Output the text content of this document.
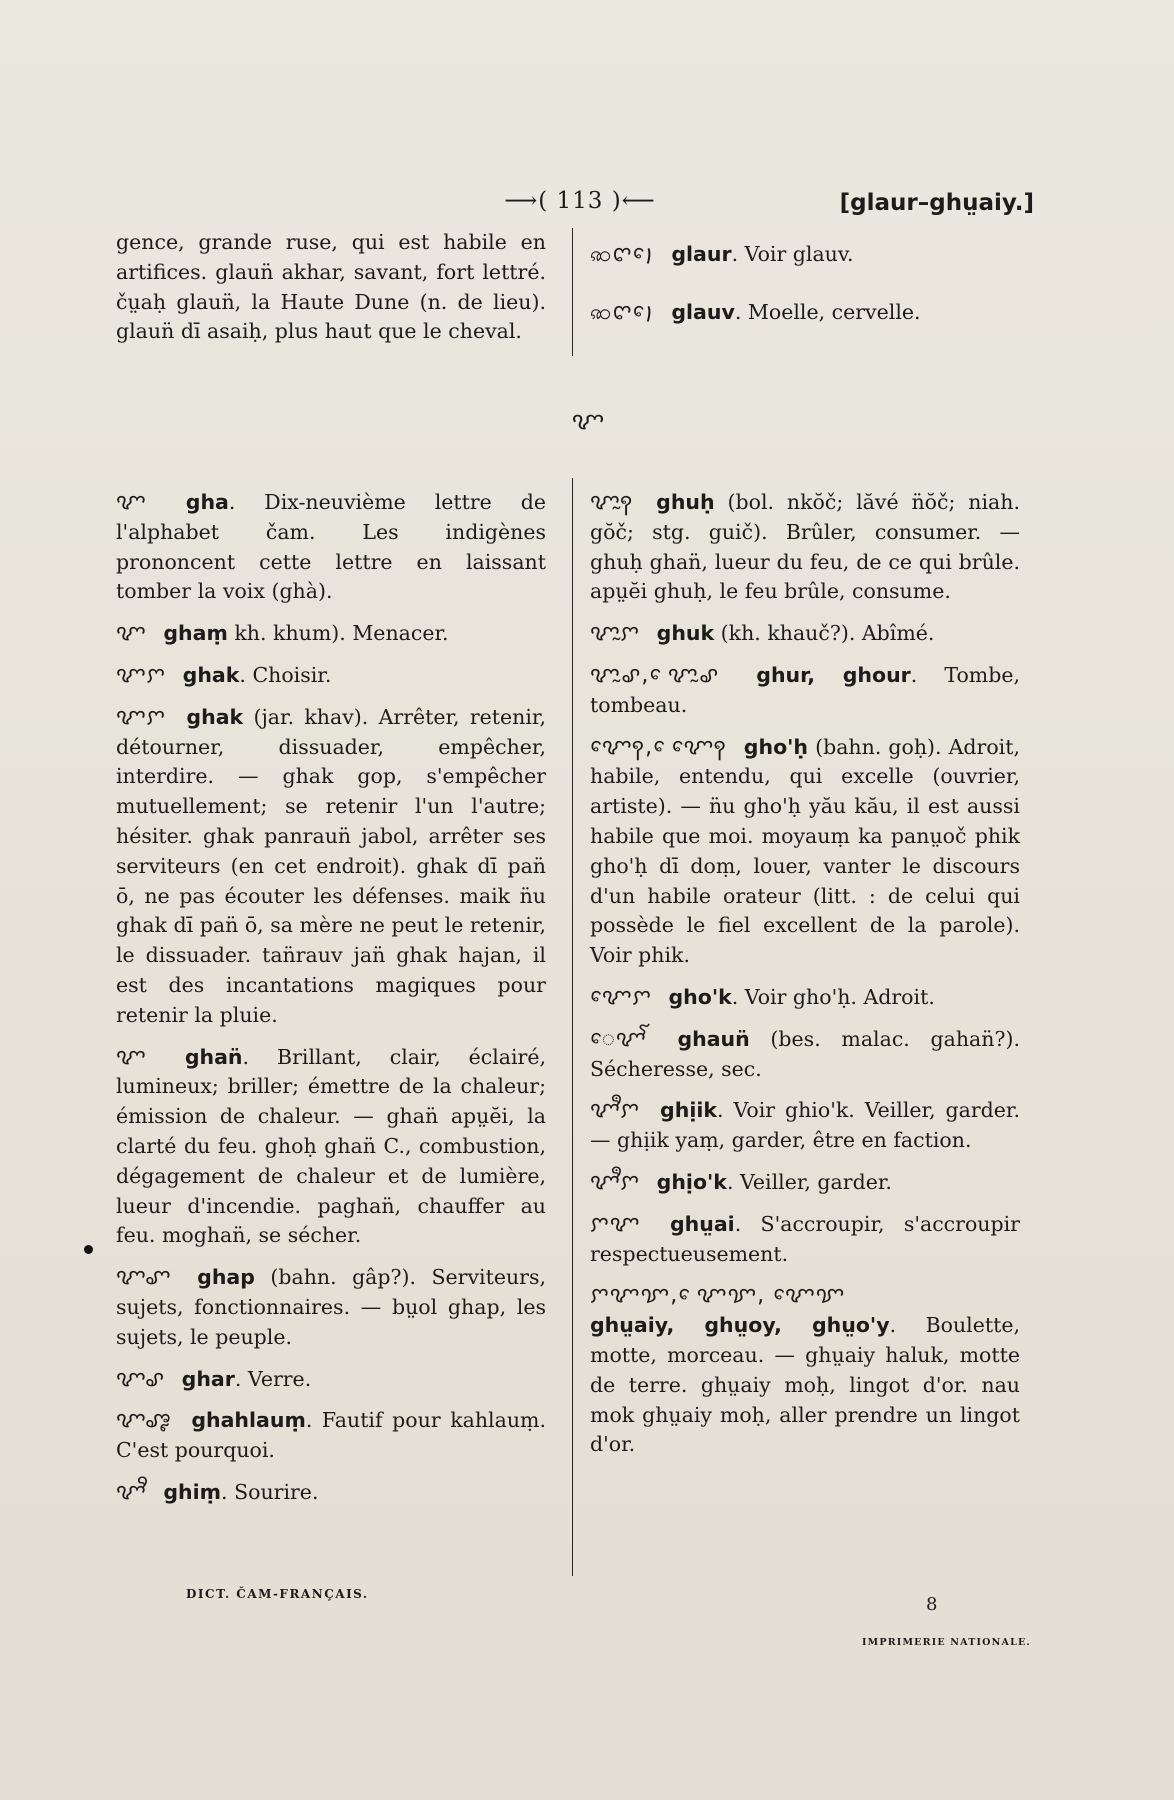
⟶( 113 )⟵	[glaur–ghṳaiy.]

gence, grande ruse, qui est habile en artifices. glaun̈ akhar, savant, fort lettré. čṳaḥ glaun̈, la Haute Dune (n. de lieu). glaun̈ dī asaiḥ, plus haut que le cheval.

ꩣꨈ꩝ꨯ glaur. Voir glauv.

ꩣꨈ꩝ꨯ glauv. Moelle, cervelle.

ꨉ

ꨉ gha. Dix-neuvième lettre de l'alphabet čam. Les indigènes prononcent cette lettre en laissant tomber la voix (ghà).

ꨉ ghaṃ kh. khum). Menacer.

ꨉꨆ ghak. Choisir.

ꨉꨆ ghak (jar. khav). Arrêter, retenir, détourner, dissuader, empêcher, interdire. — ghak gop, s'empêcher mutuellement; se retenir l'un l'autre; hésiter. ghak panraun̈ jabol, arrêter ses serviteurs (en cet endroit). ghak dī pan̈ ō, ne pas écouter les défenses. maik n̈u ghak dī pan̈ ō, sa mère ne peut le retenir, le dissuader. tan̈rauv jan̈ ghak hajan, il est des incantations magiques pour retenir la pluie.

ꨉ ghan̈. Brillant, clair, éclairé, lumineux; briller; émettre de la chaleur; émission de chaleur. — ghan̈ apṳĕi, la clarté du feu. ghoḥ ghan̈ C., combustion, dégagement de chaleur et de lumière, lueur d'incendie. paghan̈, chauffer au feu. moghan̈, se sécher.

ꨉꨚ ghap (bahn. gâp?). Serviteurs, sujets, fonctionnaires. — bṳol ghap, les sujets, le peuple.

ꨉꨣ ghar. Verre.

ꨉꨨꨵ ghahlauṃ. Fautif pour kahlauṃ. C'est pourquoi.

ꨉꨪ ghiṃ. Sourire.

ꨉꨭꩍ ghuḥ (bol. nkŏč; lăvé n̈ŏč; niah. gŏč; stg. guič). Brûler, consumer. — ghuḥ ghan̈, lueur du feu, de ce qui brûle. apṳĕi ghuḥ, le feu brûle, consume.

ꨉꨭꨆ ghuk (kh. khauč?). Abîmé.

ꨉꨭꨣ, ꨯꨉꨭꨣ ghur, ghour. Tombe, tombeau.

ꨉꨯꩍ, ꨯꨉꨯꩍ gho'ḥ (bahn. goḥ). Adroit, habile, entendu, qui excelle (ouvrier, artiste). — n̈u gho'ḥ yău kău, il est aussi habile que moi. moyauṃ ka panṳoč phik gho'ḥ dī doṃ, louer, vanter le discours d'un habile orateur (litt. : de celui qui possède le fiel excellent de la parole). Voir phik.

ꨉꨯꨆ gho'k. Voir gho'ḥ. Adroit.

ꨯꨉꨱ ghaun̈ (bes. malac. gahan̈?). Sécheresse, sec.

ꨉꨫꨆ ghịik. Voir ghio'k. Veiller, garder. — ghịik yaṃ, garder, être en faction.

ꨉꨫꨆ ghịo'k. Veiller, garder.

ꨆꨉ ghṳai. S'accroupir, s'accroupir respectueusement.

ꨆꨉꨢ, ꨯꨉꨢ, ꨉꨯꨢ
ghṳaiy, ghṳoy, ghṳo'y. Boulette, motte, morceau. — ghṳaiy haluk, motte de terre. ghṳaiy moḥ, lingot d'or. nau mok ghṳaiy moḥ, aller prendre un lingot d'or.

DICT. ČAM-FRANÇAIS.	8
IMPRIMERIE NATIONALE.
